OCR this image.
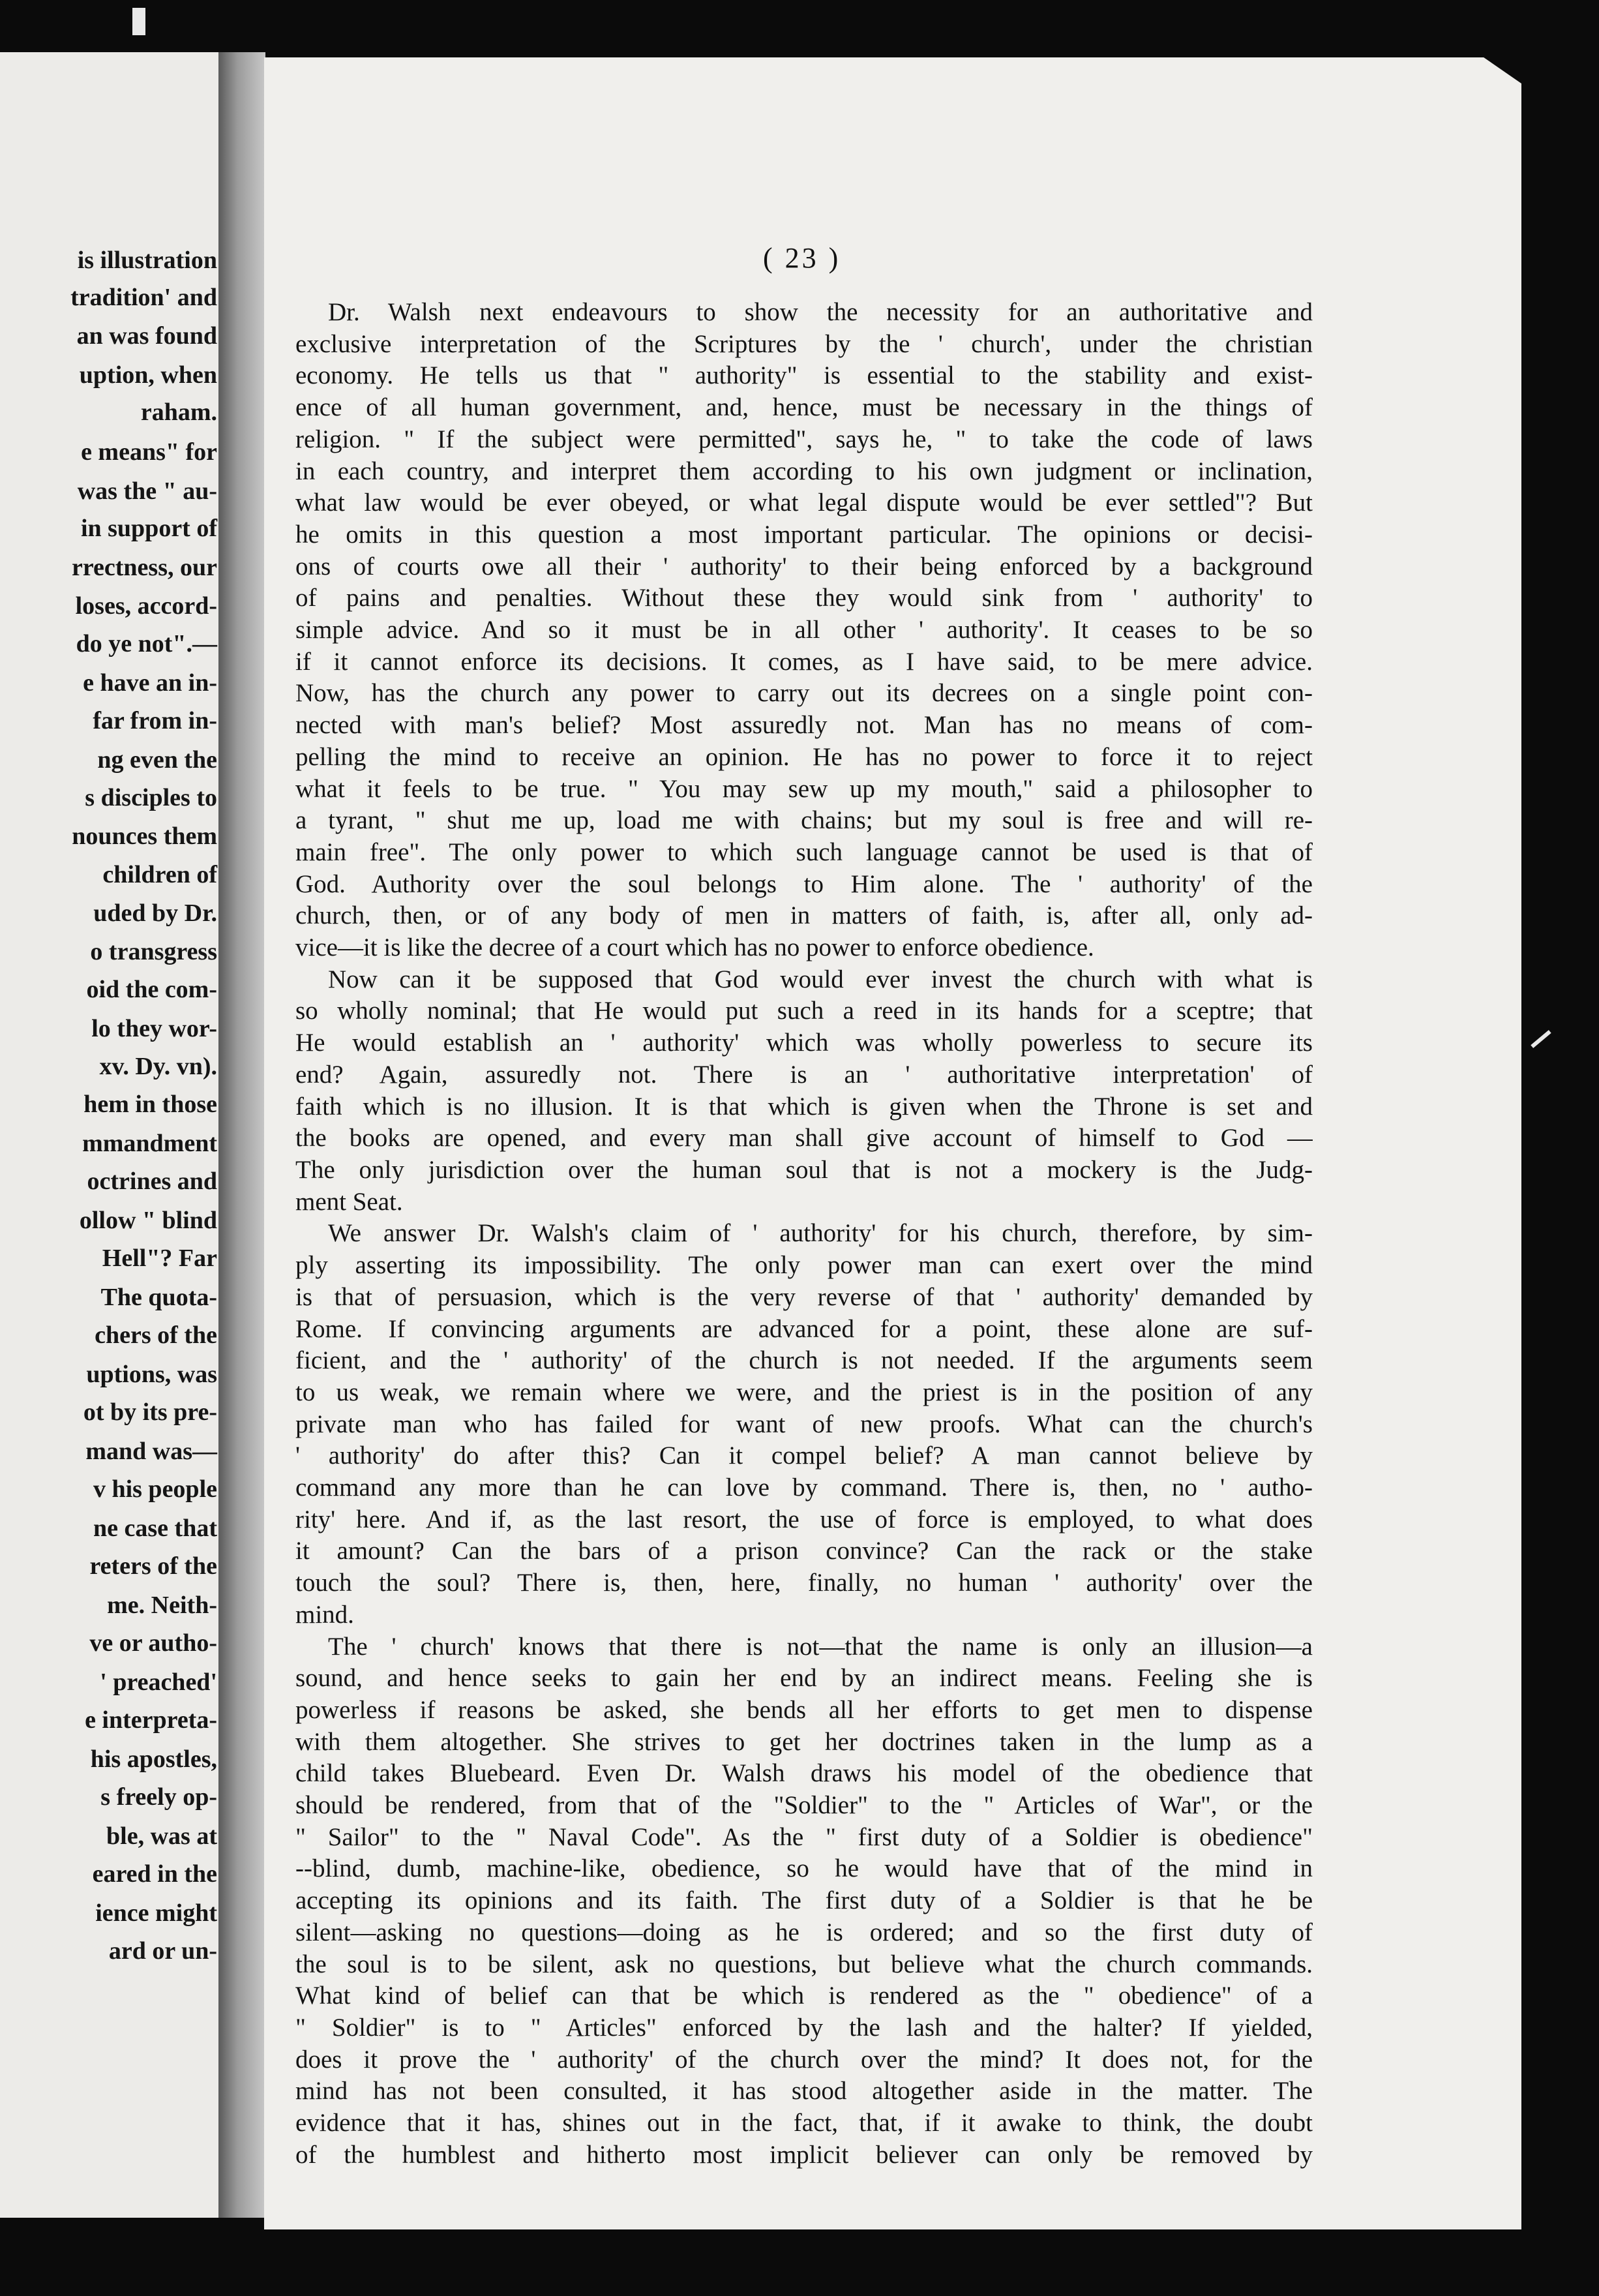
is illustration
tradition' and
an was found
uption, when
raham.
e means" for
was the " au-
in support of
rrectness, our
loses, accord-
do ye not".—
e have an in-
far from in-
ng even the
s disciples to
nounces them
children of
uded by Dr.
o transgress
oid the com-
lo they wor-
xv. Dy. vn).
hem in those
mmandment
octrines and
ollow " blind
Hell"? Far
The quota-
chers of the
uptions, was
ot by its pre-
mand was—
v his people
ne case that
reters of the
me. Neith-
ve or autho-
' preached'
e interpreta-
his apostles,
s freely op-
ble, was at
eared in the
ience might
ard or un-
( 23 )
Dr. Walsh next endeavours to show the necessity for an authoritative and
exclusive interpretation of the Scriptures by the ' church', under the christian
economy. He tells us that " authority" is essential to the stability and exist-
ence of all human government, and, hence, must be necessary in the things of
religion. " If the subject were permitted", says he, " to take the code of laws
in each country, and interpret them according to his own judgment or inclination,
what law would be ever obeyed, or what legal dispute would be ever settled"? But
he omits in this question a most important particular. The opinions or decisi-
ons of courts owe all their ' authority' to their being enforced by a background
of pains and penalties. Without these they would sink from ' authority' to
simple advice. And so it must be in all other ' authority'. It ceases to be so
if it cannot enforce its decisions. It comes, as I have said, to be mere advice.
Now, has the church any power to carry out its decrees on a single point con-
nected with man's belief? Most assuredly not. Man has no means of com-
pelling the mind to receive an opinion. He has no power to force it to reject
what it feels to be true. " You may sew up my mouth," said a philosopher to
a tyrant, " shut me up, load me with chains; but my soul is free and will re-
main free". The only power to which such language cannot be used is that of
God. Authority over the soul belongs to Him alone. The ' authority' of the
church, then, or of any body of men in matters of faith, is, after all, only ad-
vice—it is like the decree of a court which has no power to enforce obedience.
Now can it be supposed that God would ever invest the church with what is
so wholly nominal; that He would put such a reed in its hands for a sceptre; that
He would establish an ' authority' which was wholly powerless to secure its
end? Again, assuredly not. There is an ' authoritative interpretation' of
faith which is no illusion. It is that which is given when the Throne is set and
the books are opened, and every man shall give account of himself to God —
The only jurisdiction over the human soul that is not a mockery is the Judg-
ment Seat.
We answer Dr. Walsh's claim of ' authority' for his church, therefore, by sim-
ply asserting its impossibility. The only power man can exert over the mind
is that of persuasion, which is the very reverse of that ' authority' demanded by
Rome. If convincing arguments are advanced for a point, these alone are suf-
ficient, and the ' authority' of the church is not needed. If the arguments seem
to us weak, we remain where we were, and the priest is in the position of any
private man who has failed for want of new proofs. What can the church's
' authority' do after this? Can it compel belief? A man cannot believe by
command any more than he can love by command. There is, then, no ' autho-
rity' here. And if, as the last resort, the use of force is employed, to what does
it amount? Can the bars of a prison convince? Can the rack or the stake
touch the soul? There is, then, here, finally, no human ' authority' over the
mind.
The ' church' knows that there is not—that the name is only an illusion—a
sound, and hence seeks to gain her end by an indirect means. Feeling she is
powerless if reasons be asked, she bends all her efforts to get men to dispense
with them altogether. She strives to get her doctrines taken in the lump as a
child takes Bluebeard. Even Dr. Walsh draws his model of the obedience that
should be rendered, from that of the "Soldier" to the " Articles of War", or the
" Sailor" to the " Naval Code". As the " first duty of a Soldier is obedience"
--blind, dumb, machine-like, obedience, so he would have that of the mind in
accepting its opinions and its faith. The first duty of a Soldier is that he be
silent—asking no questions—doing as he is ordered; and so the first duty of
the soul is to be silent, ask no questions, but believe what the church commands.
What kind of belief can that be which is rendered as the " obedience" of a
" Soldier" is to " Articles" enforced by the lash and the halter? If yielded,
does it prove the ' authority' of the church over the mind? It does not, for the
mind has not been consulted, it has stood altogether aside in the matter. The
evidence that it has, shines out in the fact, that, if it awake to think, the doubt
of the humblest and hitherto most implicit believer can only be removed by
